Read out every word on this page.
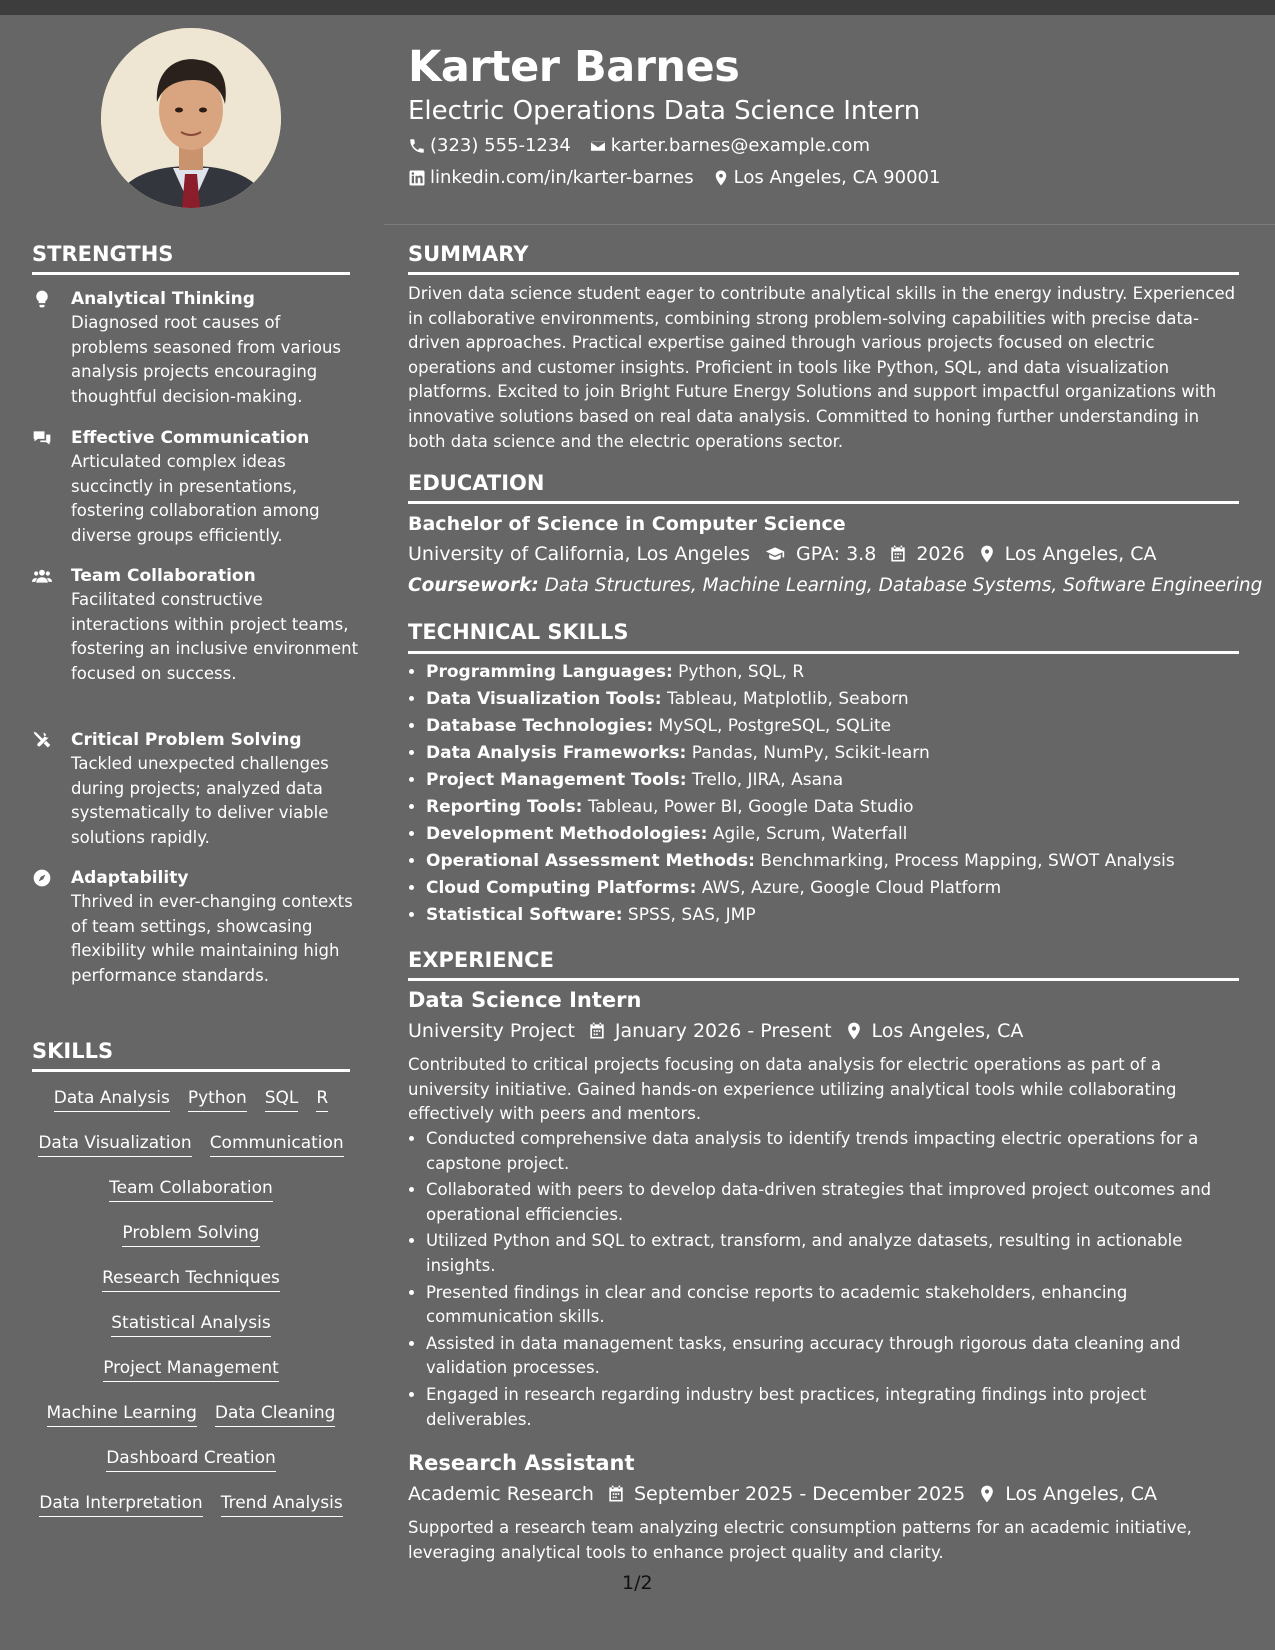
Karter Barnes
Electric Operations Data Science Intern
(323) 555-1234 karter.barnes@example.com
linkedin.com/in/karter-barnes Los Angeles, CA 90001
STRENGTHS
Analytical Thinking
Diagnosed root causes of problems seasoned from various analysis projects encouraging thoughtful decision-making.
Effective Communication
Articulated complex ideas succinctly in presentations, fostering collaboration among diverse groups efficiently.
Team Collaboration
Facilitated constructive interactions within project teams, fostering an inclusive environment focused on success.
Critical Problem Solving
Tackled unexpected challenges during projects; analyzed data systematically to deliver viable solutions rapidly.
Adaptability
Thrived in ever-changing contexts of team settings, showcasing flexibility while maintaining high performance standards.
SKILLS
Data Analysis Python SQL R
Data Visualization Communication
Team Collaboration
Problem Solving
Research Techniques
Statistical Analysis
Project Management
Machine Learning Data Cleaning
Dashboard Creation
Data Interpretation Trend Analysis
SUMMARY
Driven data science student eager to contribute analytical skills in the energy industry. Experienced in collaborative environments, combining strong problem-solving capabilities with precise data-driven approaches. Practical expertise gained through various projects focused on electric operations and customer insights. Proficient in tools like Python, SQL, and data visualization platforms. Excited to join Bright Future Energy Solutions and support impactful organizations with innovative solutions based on real data analysis. Committed to honing further understanding in both data science and the electric operations sector.
EDUCATION
Bachelor of Science in Computer Science
University of California, Los Angeles GPA: 3.8 2026 Los Angeles, CA
Coursework: Data Structures, Machine Learning, Database Systems, Software Engineering
TECHNICAL SKILLS
• Programming Languages: Python, SQL, R
• Data Visualization Tools: Tableau, Matplotlib, Seaborn
• Database Technologies: MySQL, PostgreSQL, SQLite
• Data Analysis Frameworks: Pandas, NumPy, Scikit-learn
• Project Management Tools: Trello, JIRA, Asana
• Reporting Tools: Tableau, Power BI, Google Data Studio
• Development Methodologies: Agile, Scrum, Waterfall
• Operational Assessment Methods: Benchmarking, Process Mapping, SWOT Analysis
• Cloud Computing Platforms: AWS, Azure, Google Cloud Platform
• Statistical Software: SPSS, SAS, JMP
EXPERIENCE
Data Science Intern
University Project January 2026 - Present Los Angeles, CA
Contributed to critical projects focusing on data analysis for electric operations as part of a university initiative. Gained hands-on experience utilizing analytical tools while collaborating effectively with peers and mentors.
• Conducted comprehensive data analysis to identify trends impacting electric operations for a capstone project.
• Collaborated with peers to develop data-driven strategies that improved project outcomes and operational efficiencies.
• Utilized Python and SQL to extract, transform, and analyze datasets, resulting in actionable insights.
• Presented findings in clear and concise reports to academic stakeholders, enhancing communication skills.
• Assisted in data management tasks, ensuring accuracy through rigorous data cleaning and validation processes.
• Engaged in research regarding industry best practices, integrating findings into project deliverables.
Research Assistant
Academic Research September 2025 - December 2025 Los Angeles, CA
Supported a research team analyzing electric consumption patterns for an academic initiative, leveraging analytical tools to enhance project quality and clarity.
1/2
